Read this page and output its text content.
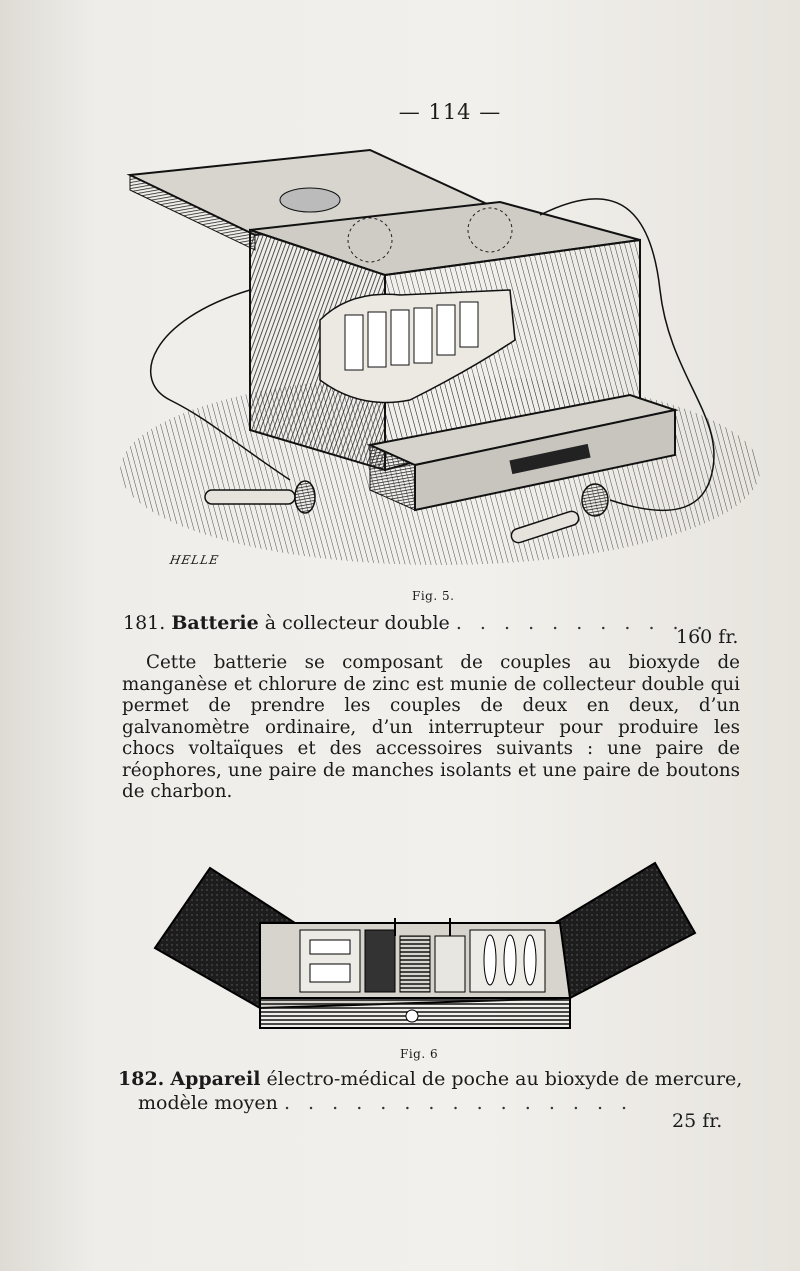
— 114 —
HELLE
Fig. 5.
181. Batterie à collecteur double . . . . . . . . . . .
160 fr.
Cette batterie se composant de couples au bioxyde de manganèse et chlorure de zinc est munie de collecteur double qui permet de prendre les couples de deux en deux, d’un galvanomètre ordinaire, d’un interrupteur pour produire les chocs voltaïques et des accessoires suivants : une paire de réophores, une paire de manches isolants et une paire de boutons de charbon.
Fig. 6
182. Appareil électro-médical de poche au bioxyde de mercure,
modèle moyen . . . . . . . . . . . . . . .
25 fr.
